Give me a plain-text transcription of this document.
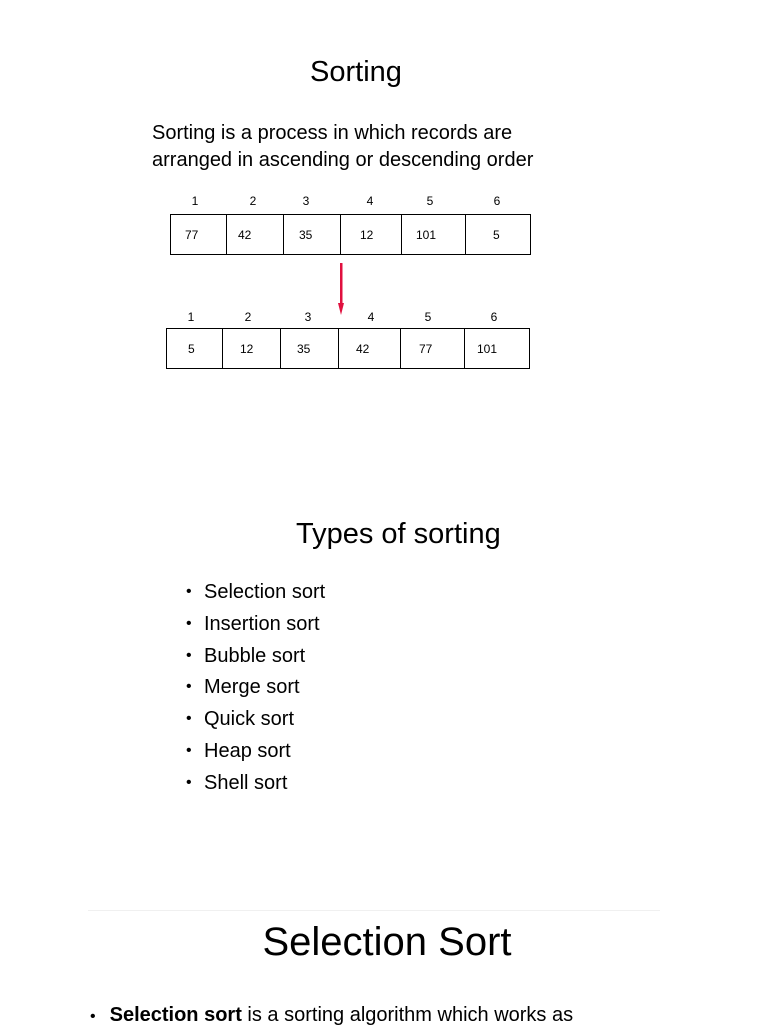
Sorting
Sorting is a process in which records are arranged in ascending or descending order
1	2	3	4	5	6
77	42	35	12	101	5
1	2	3	4	5	6
5	12	35	42	77	101
Types of sorting
• Selection sort
• Insertion sort
• Bubble sort
• Merge sort
• Quick sort
• Heap sort
• Shell sort
Selection Sort
• Selection sort is a sorting algorithm which works as
